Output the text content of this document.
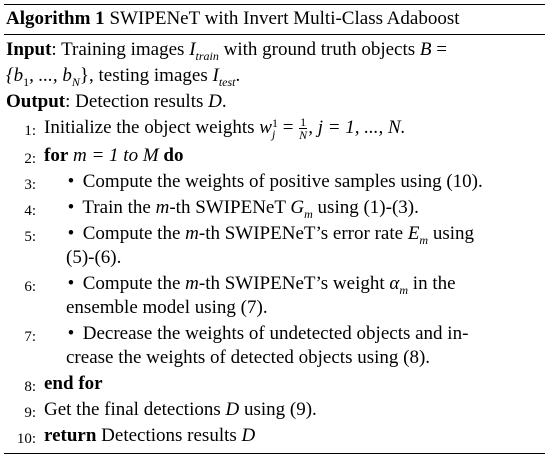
Algorithm 1 SWIPENeT with Invert Multi-Class Adaboost
Input: Training images $I_{train}$ with ground truth objects B =
{$b_1$, ..., $b_N$}, testing images $I_{test}$.
Output: Detection results D.
1: Initialize the object weights w 1
$j = \frac{1}{N}$ , j = 1, ..., N.
2: for m = 1 to M do
3: • Compute the weights of positive samples using (10).
4: • Train the m-th SWIPENeT $G_m$ using (1)-(3).
5: • Compute the m-th SWIPENeT’s error rate $E_m$ using
(5)-(6).
6: • Compute the m-th SWIPENeT’s weight $\alpha_m$ in the
ensemble model using (7).
7: • Decrease the weights of undetected objects and in-
crease the weights of detected objects using (8).
8: end for
9: Get the final detections D using (9).
10: return Detections results D
